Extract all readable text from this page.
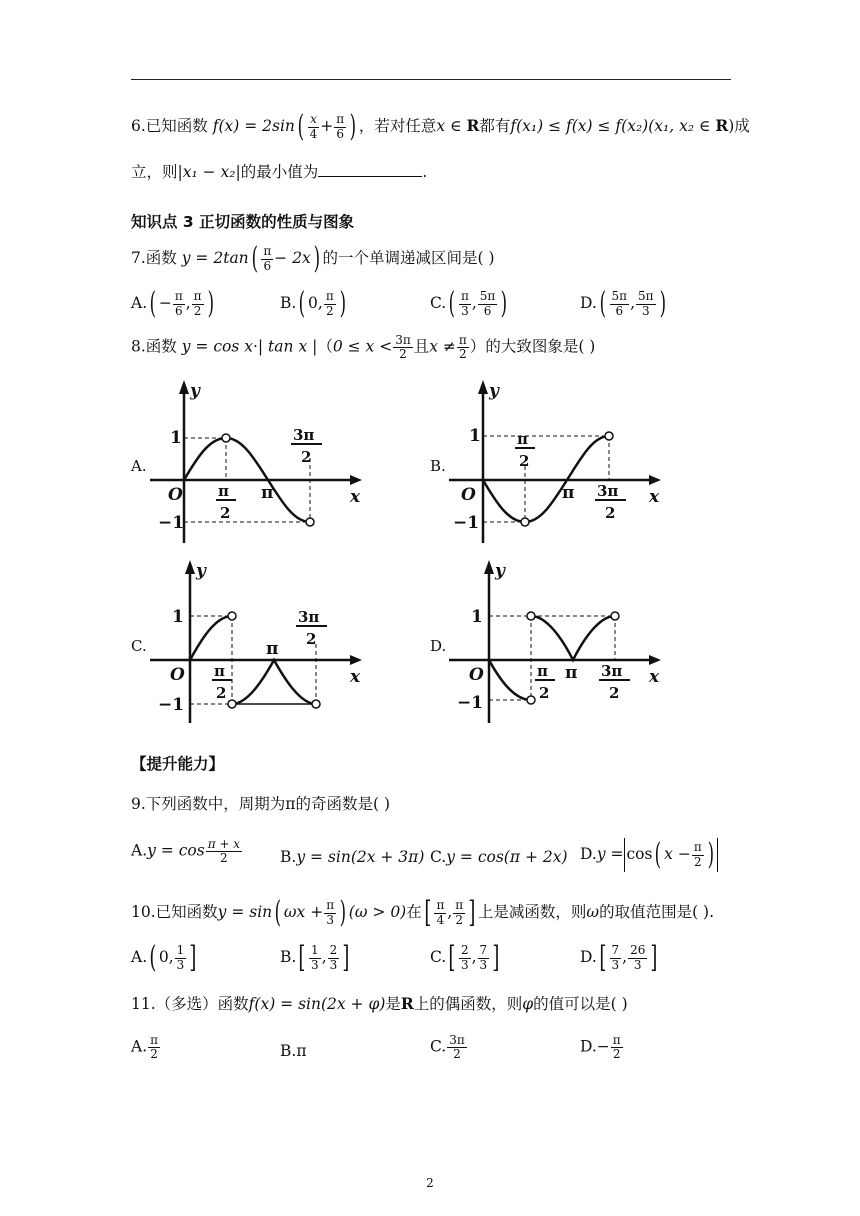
6.已知函数 $f(x) = 2\sin( \frac{x}{4} + \frac{\pi}{6}$ ) ，若对任意x ∈ R都有f(x₁) ≤ f(x) ≤ f(x₂)(x₁, x₂ ∈ R)成
立，则|x₁ − x₂|的最小值为	.
知识点 3 正切函数的性质与图象
7.函数 $y = 2\tan( \frac{\pi}{6} - 2x)$ 的一个单调递减区间是( )
$A.( - \frac{\pi}{6}$ , $\frac{\pi}{2}$ )	B.( 0, $\frac{\pi}{2}$ )	$C.( \frac{\pi}{3}$ , $\frac{5\pi}{6}$ )	$D.( \frac{5\pi}{6}$ , $\frac{5\pi}{3}$ )
8.函数 y = cos x·| tan x $|(0 \le x < \frac{3\pi}{2}$ 且$x \ne \frac{\pi}{2}$ ）的大致图象是( )
A.	B.
C.	D.
y
x
O
1
−1
π
π
2
3π
2
y
x
O
1
−1
π
π
2
3π
2
y
x
O
1
−1
π
π
2
3π
2
y
x
O
1
−1
π
π
2
3π
2
【提升能力】
9.下列函数中，周期为π的奇函数是( )
$A.y = \cos \frac{\pi + x}{2} B.y = \sin(2x + 3\pi) C.y = \cos(\pi + 2x) D.y = \cos$( $x - \frac{\pi}{2}$ )
10.已知函数y = sin( $\omega x + \frac{\pi}{3}$ ) (ω > 0)在[ $\frac{\pi}{4}$ , $\frac{\pi}{2}$ ] 上是减函数，则ω的取值范围是( ).
A.( 0, $\frac{1}{3}$ ]	$B.[ \frac{1}{3}$ , $\frac{2}{3}$ ]	$C.[ \frac{2}{3}$ , $\frac{7}{3}$ ]	$D.[ \frac{7}{3}$ , $\frac{26}{3}$ ]
11.（多选）函数f(x) = sin(2x + φ)是R上的偶函数，则φ的值可以是( )
A. $\frac{\pi}{2}$	B.π	C. $\frac{3\pi}{2}$	$D.- \frac{\pi}{2}$
2
